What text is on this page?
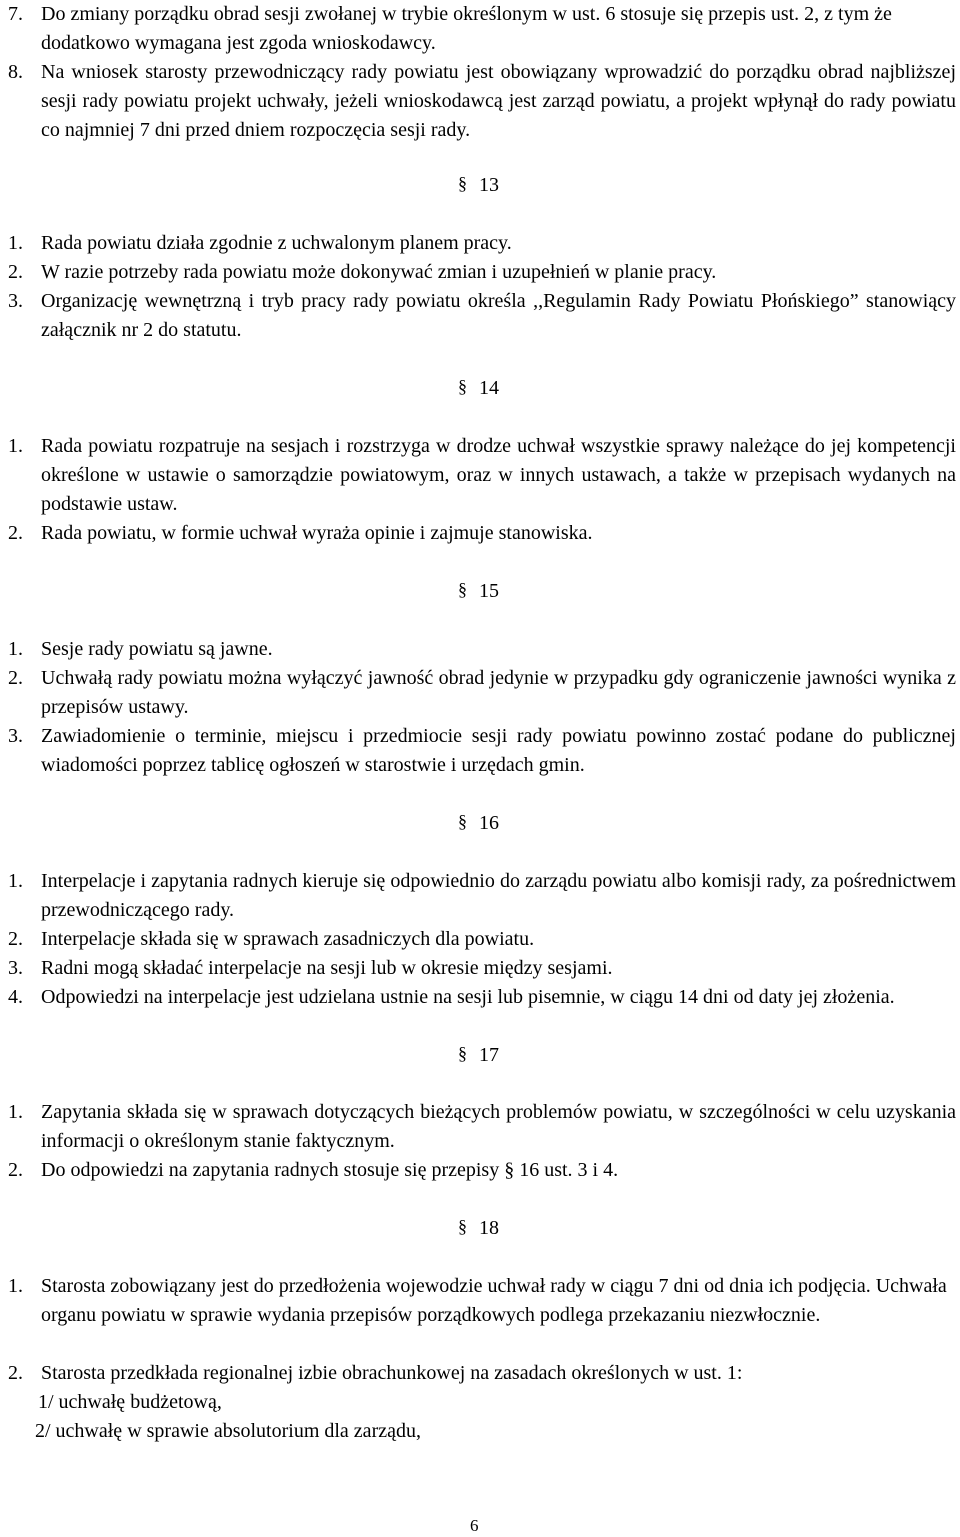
7. Do zmiany porządku obrad sesji zwołanej w trybie określonym w ust. 6 stosuje się przepis ust. 2, z tym że dodatkowo wymagana jest zgoda wnioskodawcy.
8. Na wniosek starosty przewodniczący rady powiatu jest obowiązany wprowadzić do porządku obrad najbliższej sesji rady powiatu projekt uchwały, jeżeli wnioskodawcą jest zarząd powiatu, a projekt wpłynął do rady powiatu co najmniej 7 dni przed dniem rozpoczęcia sesji rady.
§ 13
1. Rada powiatu działa zgodnie z uchwalonym planem pracy.
2. W razie potrzeby rada powiatu może dokonywać zmian i uzupełnień w planie pracy.
3. Organizację wewnętrzną i tryb pracy rady powiatu określa ,,Regulamin Rady Powiatu Płońskiego” stanowiący załącznik nr 2 do statutu.
§ 14
1. Rada powiatu rozpatruje na sesjach i rozstrzyga w drodze uchwał wszystkie sprawy należące do jej kompetencji określone w ustawie o samorządzie powiatowym, oraz w innych ustawach, a także w przepisach wydanych na podstawie ustaw.
2. Rada powiatu, w formie uchwał wyraża opinie i zajmuje stanowiska.
§ 15
1. Sesje rady powiatu są jawne.
2. Uchwałą rady powiatu można wyłączyć jawność obrad jedynie w przypadku gdy ograniczenie jawności wynika z przepisów ustawy.
3. Zawiadomienie o terminie, miejscu i przedmiocie sesji rady powiatu powinno zostać podane do publicznej wiadomości poprzez tablicę ogłoszeń w starostwie i urzędach gmin.
§ 16
1. Interpelacje i zapytania radnych kieruje się odpowiednio do zarządu powiatu albo komisji rady, za pośrednictwem przewodniczącego rady.
2. Interpelacje składa się w sprawach zasadniczych dla powiatu.
3. Radni mogą składać interpelacje na sesji lub w okresie między sesjami.
4. Odpowiedzi na interpelacje jest udzielana ustnie na sesji lub pisemnie, w ciągu 14 dni od daty jej złożenia.
§ 17
1. Zapytania składa się w sprawach dotyczących bieżących problemów powiatu, w szczególności w celu uzyskania informacji o określonym stanie faktycznym.
2. Do odpowiedzi na zapytania radnych stosuje się przepisy § 16 ust. 3 i 4.
§ 18
1. Starosta zobowiązany jest do przedłożenia wojewodzie uchwał rady w ciągu 7 dni od dnia ich podjęcia. Uchwała organu powiatu w sprawie wydania przepisów porządkowych podlega przekazaniu niezwłocznie.
2. Starosta przedkłada regionalnej izbie obrachunkowej na zasadach określonych w ust. 1:
1/ uchwałę budżetową,
2/ uchwałę w sprawie absolutorium dla zarządu,
6
